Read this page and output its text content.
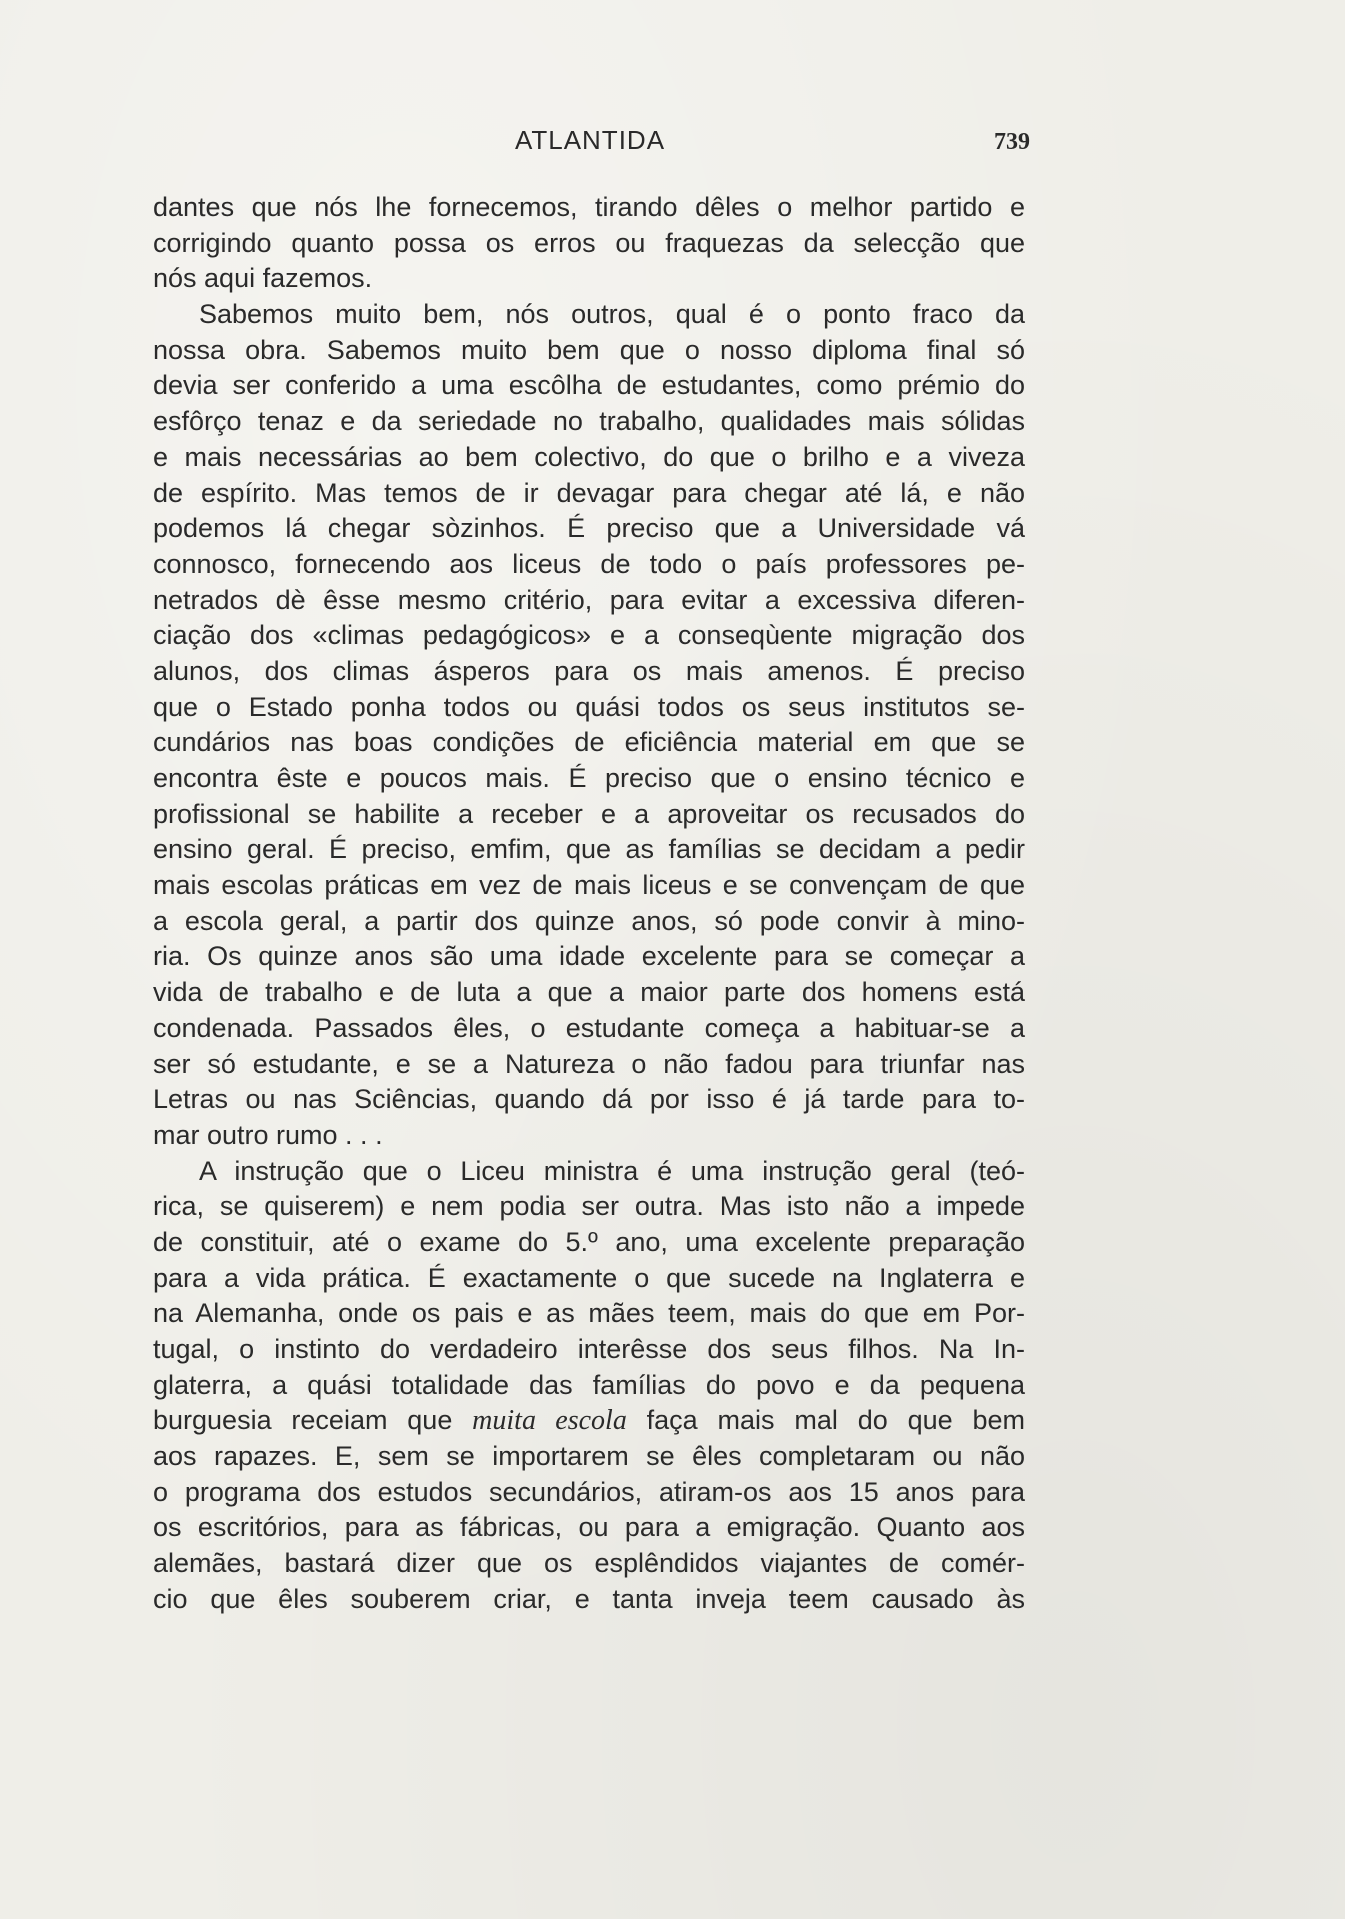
ATLANTIDA	739
dantes que nós lhe fornecemos, tirando dêles o melhor partido e
corrigindo quanto possa os erros ou fraquezas da selecção que
nós aqui fazemos.
Sabemos muito bem, nós outros, qual é o ponto fraco da
nossa obra. Sabemos muito bem que o nosso diploma final só
devia ser conferido a uma escôlha de estudantes, como prémio do
esfôrço tenaz e da seriedade no trabalho, qualidades mais sólidas
e mais necessárias ao bem colectivo, do que o brilho e a viveza
de espírito. Mas temos de ir devagar para chegar até lá, e não
podemos lá chegar sòzinhos. É preciso que a Universidade vá
connosco, fornecendo aos liceus de todo o país professores pe-
netrados dè êsse mesmo critério, para evitar a excessiva diferen-
ciação dos «climas pedagógicos» e a conseqùente migração dos
alunos, dos climas ásperos para os mais amenos. É preciso
que o Estado ponha todos ou quási todos os seus institutos se-
cundários nas boas condições de eficiência material em que se
encontra êste e poucos mais. É preciso que o ensino técnico e
profissional se habilite a receber e a aproveitar os recusados do
ensino geral. É preciso, emfim, que as famílias se decidam a pedir
mais escolas práticas em vez de mais liceus e se convençam de que
a escola geral, a partir dos quinze anos, só pode convir à mino-
ria. Os quinze anos são uma idade excelente para se começar a
vida de trabalho e de luta a que a maior parte dos homens está
condenada. Passados êles, o estudante começa a habituar-se a
ser só estudante, e se a Natureza o não fadou para triunfar nas
Letras ou nas Sciências, quando dá por isso é já tarde para to-
mar outro rumo . . .
A instrução que o Liceu ministra é uma instrução geral (teó-
rica, se quiserem) e nem podia ser outra. Mas isto não a impede
de constituir, até o exame do 5.º ano, uma excelente preparação
para a vida prática. É exactamente o que sucede na Inglaterra e
na Alemanha, onde os pais e as mães teem, mais do que em Por-
tugal, o instinto do verdadeiro interêsse dos seus filhos. Na In-
glaterra, a quási totalidade das famílias do povo e da pequena
burguesia receiam que muita escola faça mais mal do que bem
aos rapazes. E, sem se importarem se êles completaram ou não
o programa dos estudos secundários, atiram-os aos 15 anos para
os escritórios, para as fábricas, ou para a emigração. Quanto aos
alemães, bastará dizer que os esplêndidos viajantes de comér-
cio que êles souberem criar, e tanta inveja teem causado às
